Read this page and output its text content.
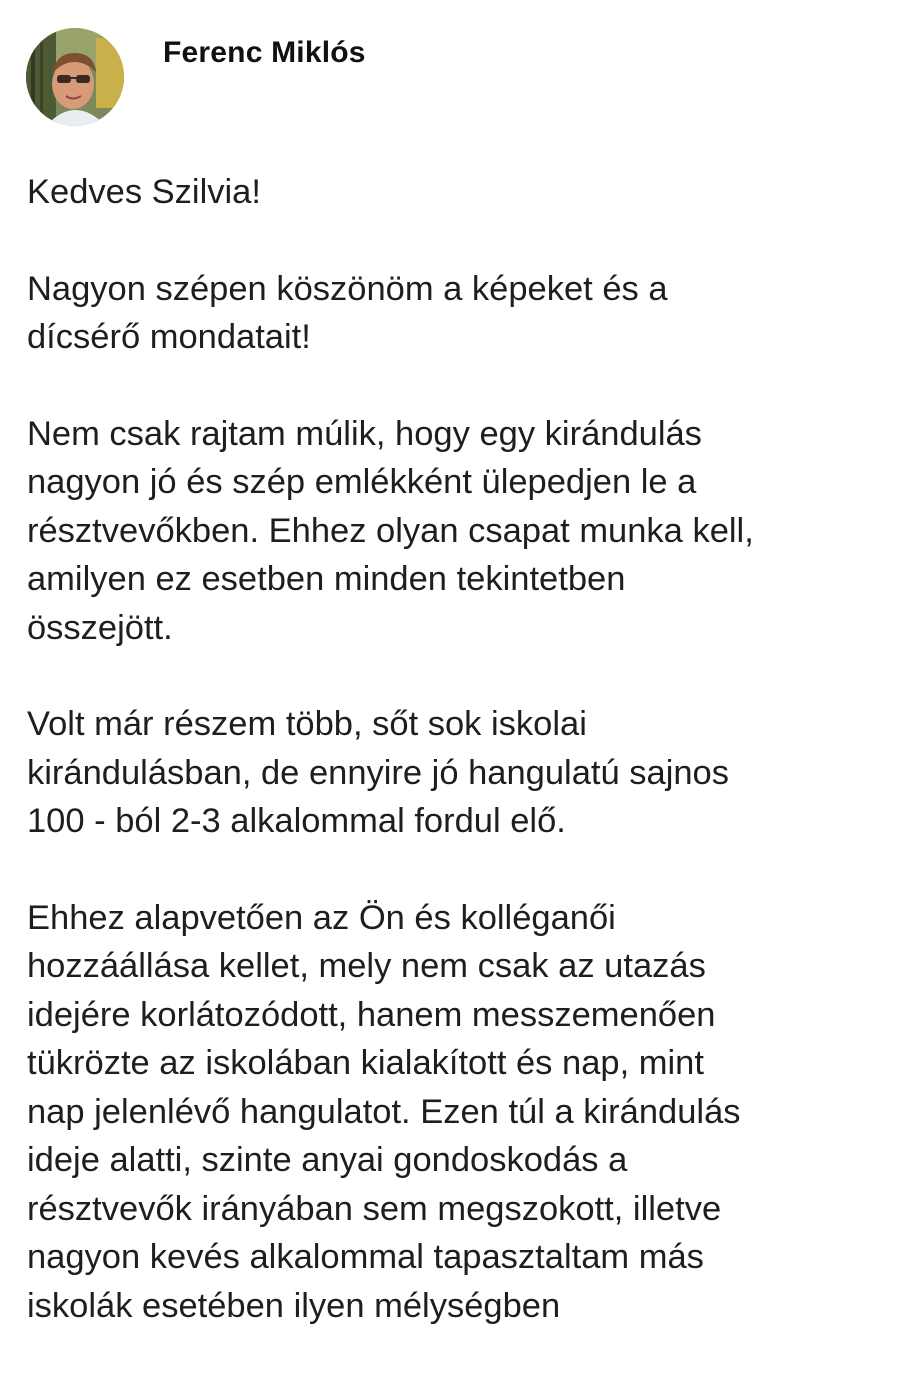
Ferenc Miklós
Kedves Szilvia!
Nagyon szépen köszönöm a képeket és a
dícsérő mondatait!
Nem csak rajtam múlik, hogy egy kirándulás
nagyon jó és szép emlékként ülepedjen le a
résztvevőkben. Ehhez olyan csapat munka kell,
amilyen ez esetben minden tekintetben
összejött.
Volt már részem több, sőt sok iskolai
kirándulásban, de ennyire jó hangulatú sajnos
100 - ból 2-3 alkalommal fordul elő.
Ehhez alapvetően az Ön és kolléganői
hozzáállása kellet, mely nem csak az utazás
idejére korlátozódott, hanem messzemenően
tükrözte az iskolában kialakított és nap, mint
nap jelenlévő hangulatot. Ezen túl a kirándulás
ideje alatti, szinte anyai gondoskodás a
résztvevők irányában sem megszokott, illetve
nagyon kevés alkalommal tapasztaltam más
iskolák esetében ilyen mélységben
